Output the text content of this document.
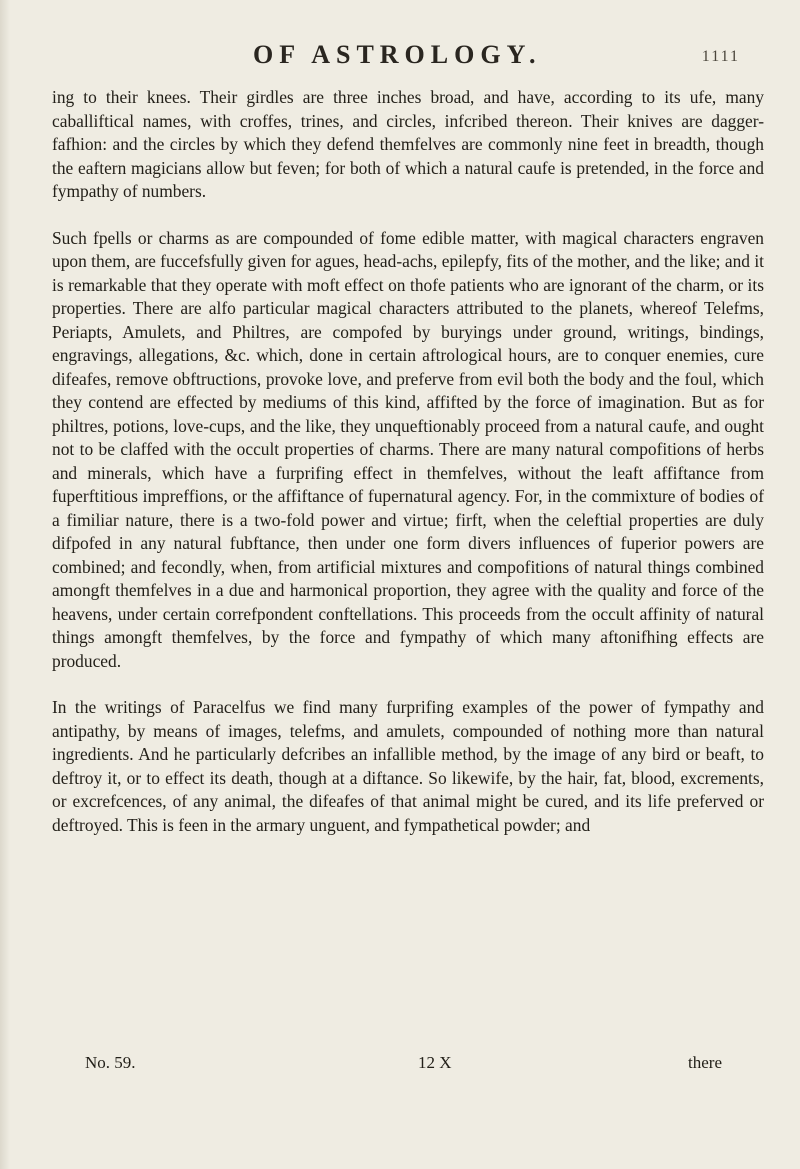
OF ASTROLOGY.	1111

ing to their knees. Their girdles are three inches broad, and have, according to its ufe, many caballiftical names, with croffes, trines, and circles, infcribed thereon. Their knives are dagger-fafhion: and the circles by which they defend themfelves are commonly nine feet in breadth, though the eaftern magicians allow but feven; for both of which a natural caufe is pretended, in the force and fympathy of numbers.

Such fpells or charms as are compounded of fome edible matter, with magical characters engraven upon them, are fuccefsfully given for agues, head-achs, epilepfy, fits of the mother, and the like; and it is remarkable that they operate with moft effect on thofe patients who are ignorant of the charm, or its properties. There are alfo particular magical characters attributed to the planets, whereof Telefms, Periapts, Amulets, and Philtres, are compofed by buryings under ground, writings, bindings, engravings, allegations, &c. which, done in certain aftrological hours, are to conquer enemies, cure difeafes, remove obftructions, provoke love, and preferve from evil both the body and the foul, which they contend are effected by mediums of this kind, affifted by the force of imagination. But as for philtres, potions, love-cups, and the like, they unqueftionably proceed from a natural caufe, and ought not to be claffed with the occult properties of charms. There are many natural compofitions of herbs and minerals, which have a furprifing effect in themfelves, without the leaft affiftance from fuperftitious impreffions, or the affiftance of fupernatural agency. For, in the commixture of bodies of a fimiliar nature, there is a two-fold power and virtue; firft, when the celeftial properties are duly difpofed in any natural fubftance, then under one form divers influences of fuperior powers are combined; and fecondly, when, from artificial mixtures and compofitions of natural things combined amongft themfelves in a due and harmonical proportion, they agree with the quality and force of the heavens, under certain correfpondent conftellations. This proceeds from the occult affinity of natural things amongft themfelves, by the force and fympathy of which many aftonifhing effects are produced.

In the writings of Paracelfus we find many furprifing examples of the power of fympathy and antipathy, by means of images, telefms, and amulets, compounded of nothing more than natural ingredients. And he particularly defcribes an infallible method, by the image of any bird or beaft, to deftroy it, or to effect its death, though at a diftance. So likewife, by the hair, fat, blood, excrements, or excrefcences, of any animal, the difeafes of that animal might be cured, and its life preferved or deftroyed. This is feen in the armary unguent, and fympathetical powder; and

No. 59.	12 X	there
